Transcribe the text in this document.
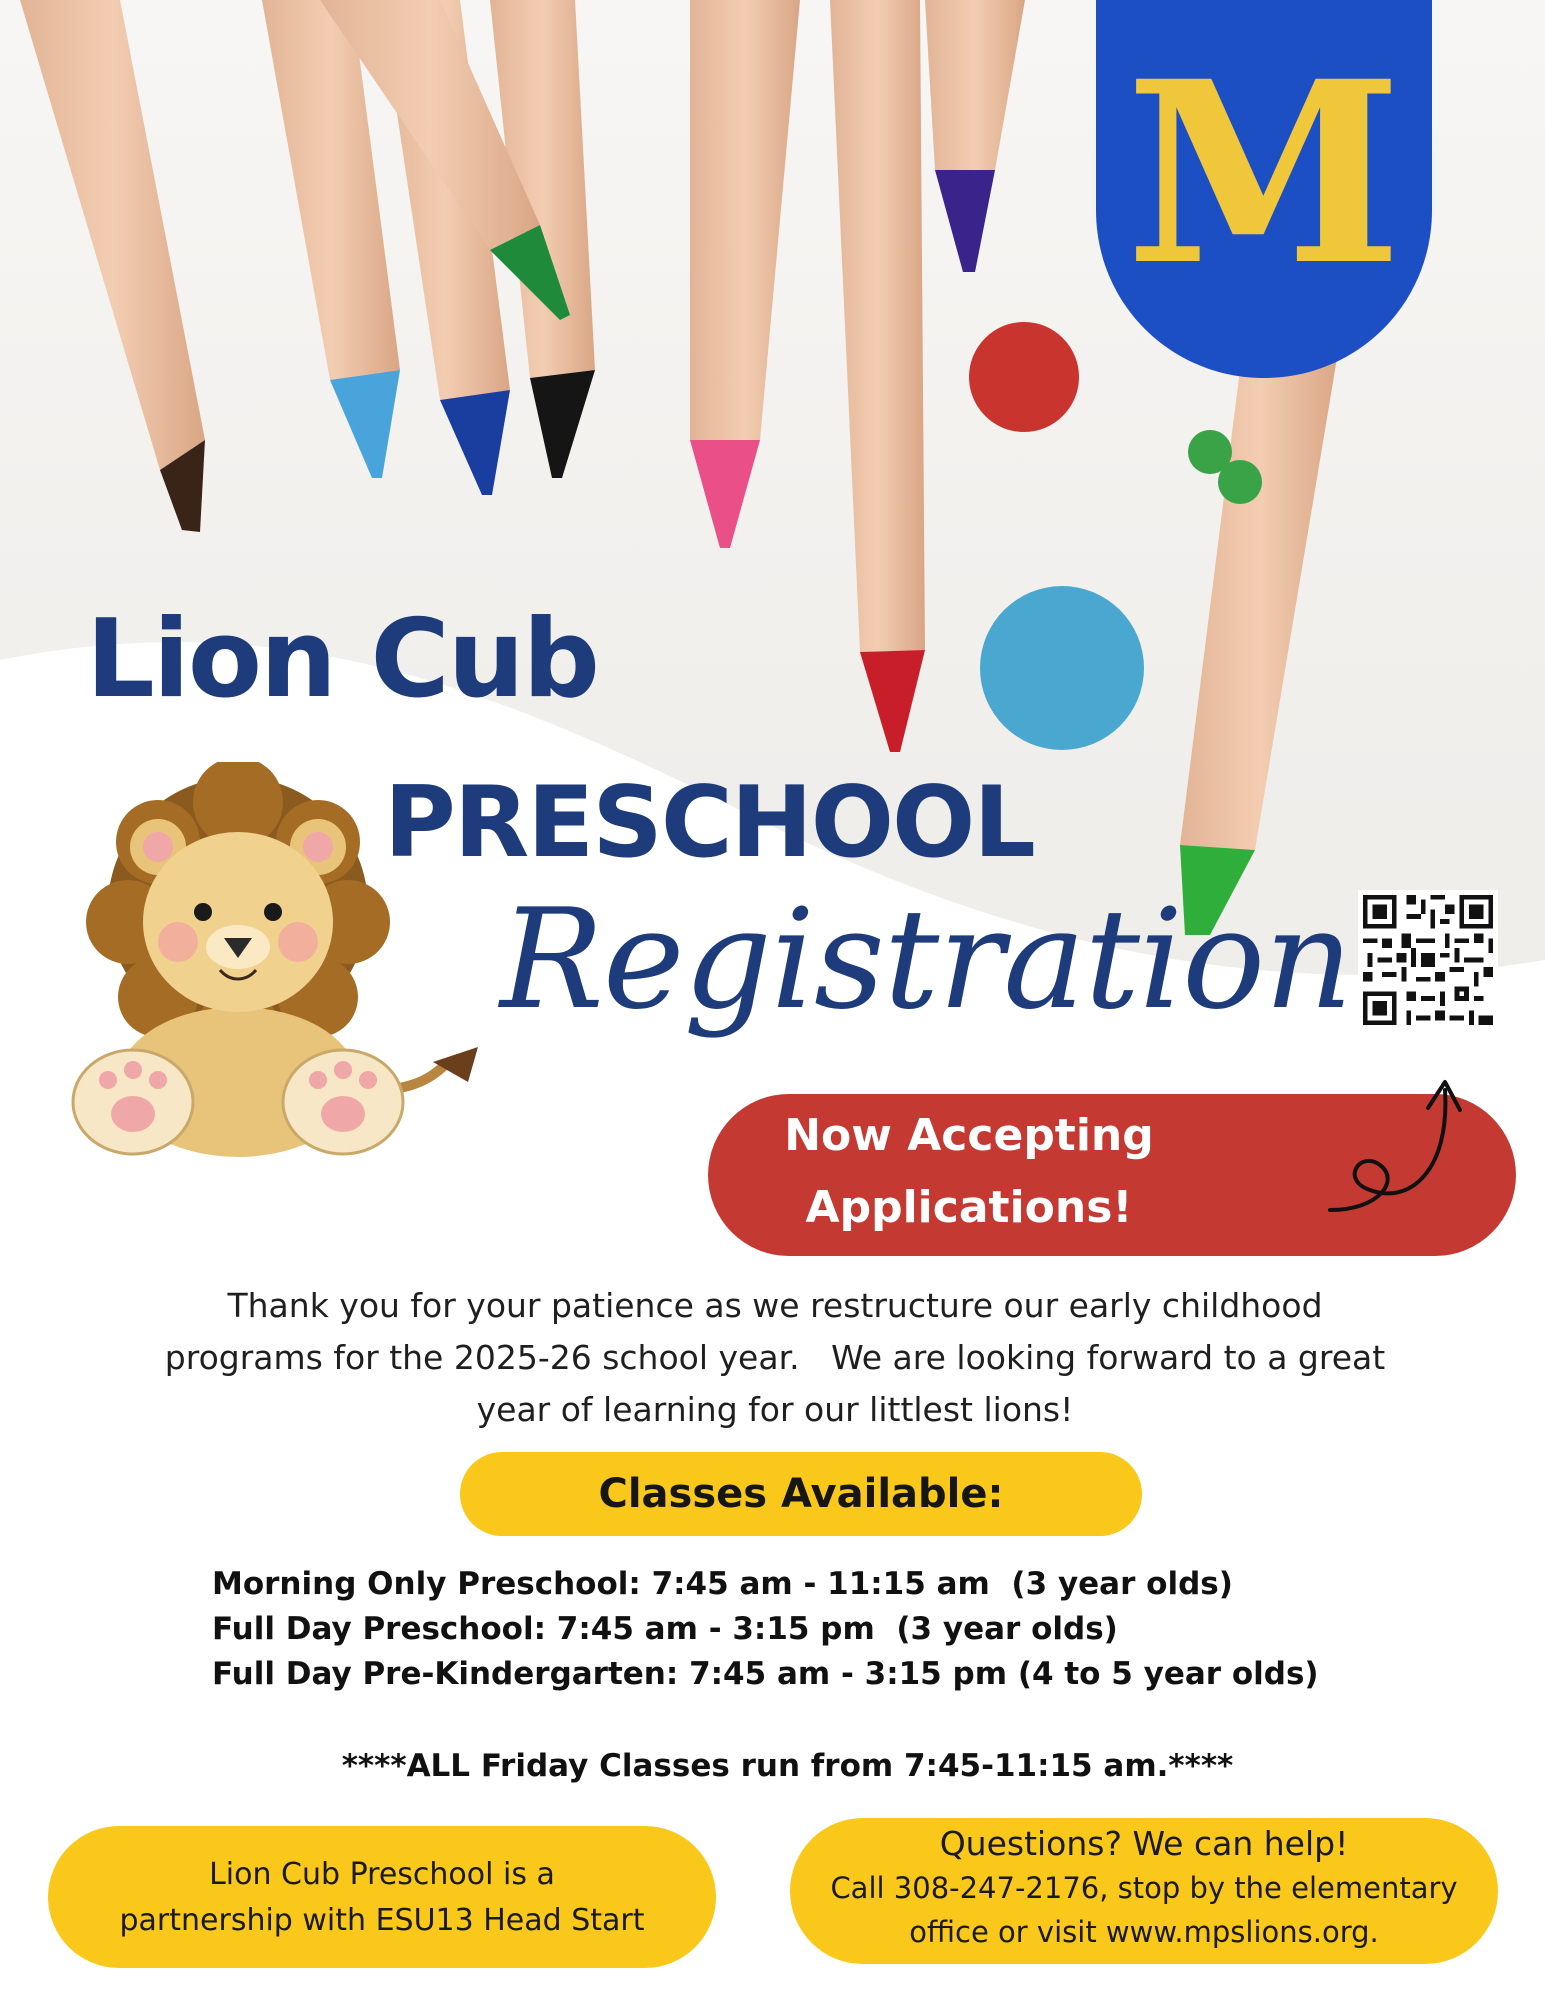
M
Lion Cub
PRESCHOOL
Registration
Now Accepting
Applications!
Thank you for your patience as we restructure our early childhood
programs for the 2025-26 school year.   We are looking forward to a great
year of learning for our littlest lions!
Classes Available:
Morning Only Preschool: 7:45 am - 11:15 am  (3 year olds)
Full Day Preschool: 7:45 am - 3:15 pm  (3 year olds)
Full Day Pre-Kindergarten: 7:45 am - 3:15 pm (4 to 5 year olds)
****ALL Friday Classes run from 7:45-11:15 am.****
Lion Cub Preschool is a
partnership with ESU13 Head Start
Questions? We can help!
Call 308-247-2176, stop by the elementary
office or visit www.mpslions.org.
